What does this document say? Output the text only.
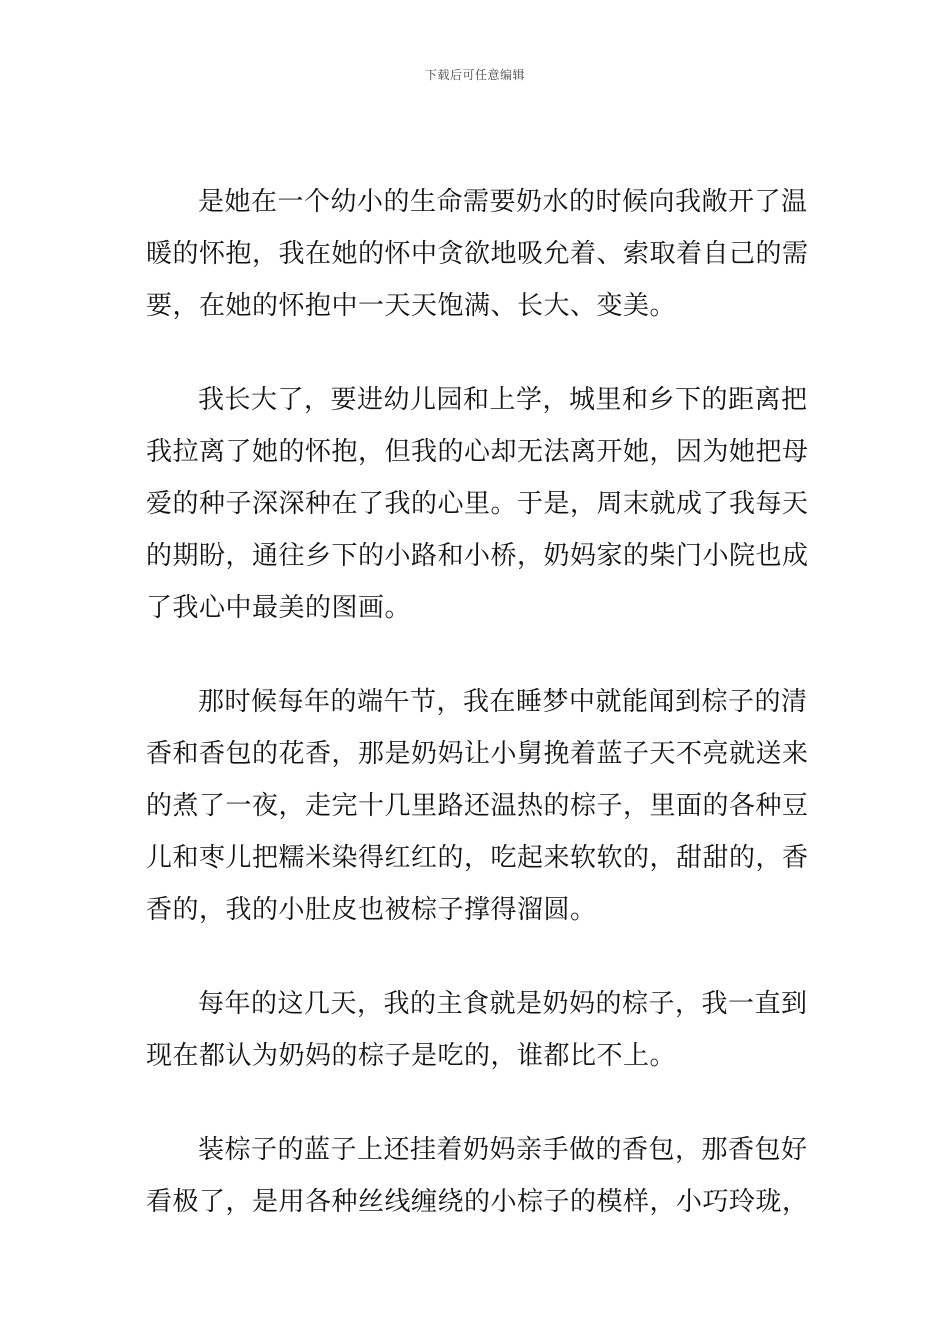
下载后可任意编辑

是她在一个幼小的生命需要奶水的时候向我敞开了温
暖的怀抱，我在她的怀中贪欲地吸允着、索取着自己的需
要，在她的怀抱中一天天饱满、长大、变美。

我长大了，要进幼儿园和上学，城里和乡下的距离把
我拉离了她的怀抱，但我的心却无法离开她，因为她把母
爱的种子深深种在了我的心里。于是，周末就成了我每天
的期盼，通往乡下的小路和小桥，奶妈家的柴门小院也成
了我心中最美的图画。

那时候每年的端午节，我在睡梦中就能闻到棕子的清
香和香包的花香，那是奶妈让小舅挽着蓝子天不亮就送来
的煮了一夜，走完十几里路还温热的棕子，里面的各种豆
儿和枣儿把糯米染得红红的，吃起来软软的，甜甜的，香
香的，我的小肚皮也被棕子撑得溜圆。

每年的这几天，我的主食就是奶妈的棕子，我一直到
现在都认为奶妈的棕子是吃的，谁都比不上。

装棕子的蓝子上还挂着奶妈亲手做的香包，那香包好
看极了，是用各种丝线缠绕的小棕子的模样，小巧玲珑，
